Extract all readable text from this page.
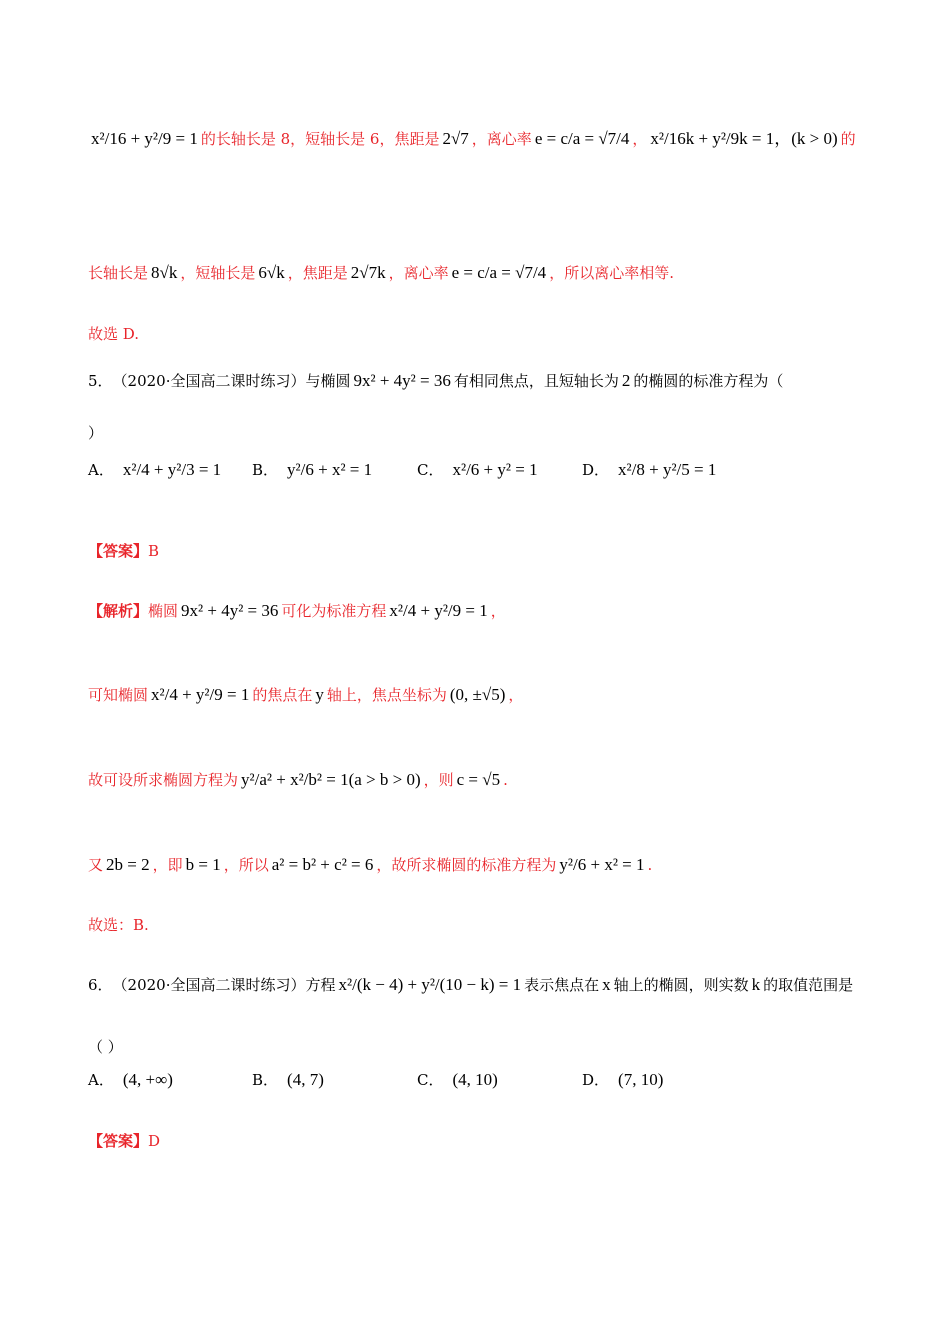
x²/16 + y²/9 = 1 的长轴长是 8，短轴长是 6，焦距是 2√7 ，离心率 e = c/a = √7/4 ， x²/16k + y²/9k = 1，(k > 0) 的
长轴长是 8√k ，短轴长是 6√k ，焦距是 2√7k ，离心率 e = c/a = √7/4 ，所以离心率相等.
故选 D.
5． （2020·全国高二课时练习）与椭圆 9x² + 4y² = 36 有相同焦点，且短轴长为 2 的椭圆的标准方程为（
）
A． x²/4 + y²/3 = 1 B． y²/6 + x² = 1	C． x²/6 + y² = 1	D． x²/8 + y²/5 = 1
【答案】 B
【解析】 椭圆 9x² + 4y² = 36 可化为标准方程 x²/4 + y²/9 = 1 ，
可知椭圆 x²/4 + y²/9 = 1 的焦点在 y 轴上，焦点坐标为 (0, ±√5) ，
故可设所求椭圆方程为 y²/a² + x²/b² = 1(a > b > 0) ，则 c = √5 .
又 2b = 2 ，即 b = 1 ，所以 a² = b² + c² = 6 ，故所求椭圆的标准方程为 y²/6 + x² = 1 .
故选：B.
6． （2020·全国高二课时练习）方程 x²/(k − 4) + y²/(10 − k) = 1 表示焦点在 x 轴上的椭圆，则实数 k 的取值范围是
（ ）
A． (4, +∞)	B． (4, 7)	C． (4, 10)	D． (7, 10)
【答案】 D
